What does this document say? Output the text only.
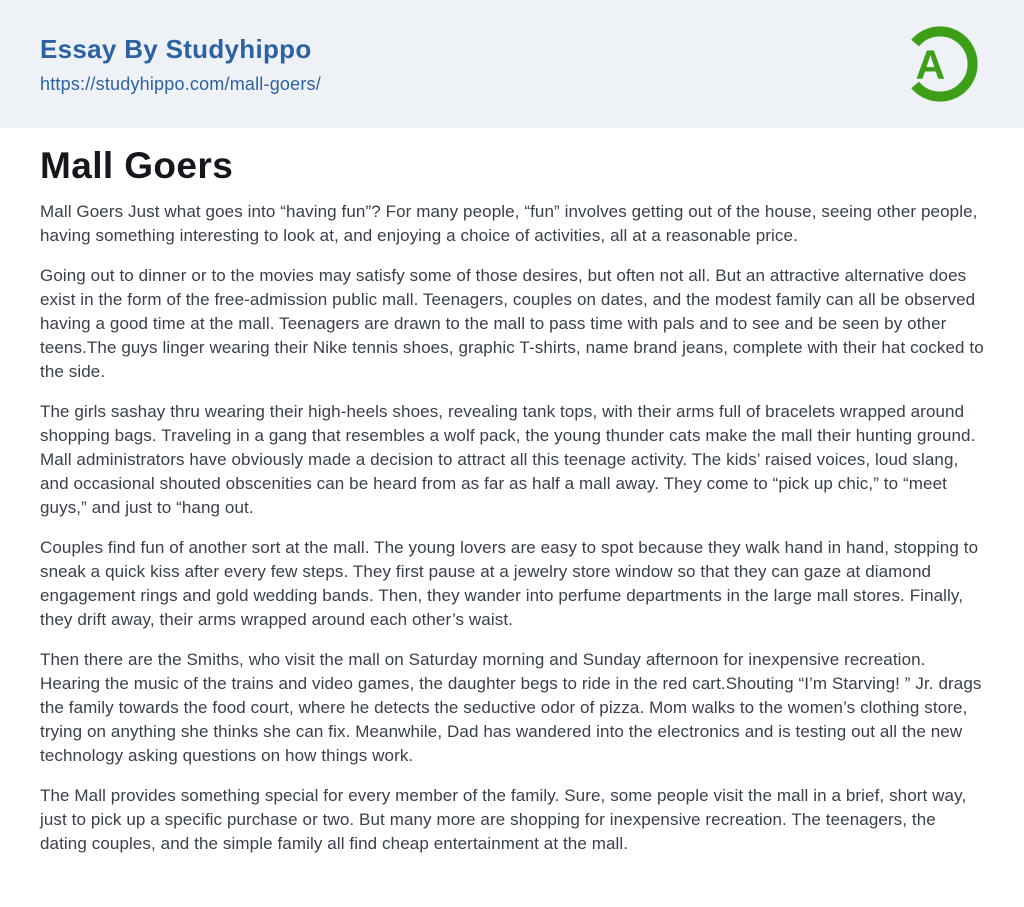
Essay By Studyhippo
https://studyhippo.com/mall-goers/	A
Mall Goers

Mall Goers Just what goes into “having fun”? For many people, “fun” involves getting out of the house, seeing other people, having something interesting to look at, and enjoying a choice of activities, all at a reasonable price.

Going out to dinner or to the movies may satisfy some of those desires, but often not all. But an attractive alternative does exist in the form of the free-admission public mall. Teenagers, couples on dates, and the modest family can all be observed having a good time at the mall. Teenagers are drawn to the mall to pass time with pals and to see and be seen by other teens.The guys linger wearing their Nike tennis shoes, graphic T-shirts, name brand jeans, complete with their hat cocked to the side.

The girls sashay thru wearing their high-heels shoes, revealing tank tops, with their arms full of bracelets wrapped around shopping bags. Traveling in a gang that resembles a wolf pack, the young thunder cats make the mall their hunting ground. Mall administrators have obviously made a decision to attract all this teenage activity. The kids’ raised voices, loud slang, and occasional shouted obscenities can be heard from as far as half a mall away. They come to “pick up chic,” to “meet guys,” and just to “hang out.

Couples find fun of another sort at the mall. The young lovers are easy to spot because they walk hand in hand, stopping to sneak a quick kiss after every few steps. They first pause at a jewelry store window so that they can gaze at diamond engagement rings and gold wedding bands. Then, they wander into perfume departments in the large mall stores. Finally, they drift away, their arms wrapped around each other’s waist.

Then there are the Smiths, who visit the mall on Saturday morning and Sunday afternoon for inexpensive recreation. Hearing the music of the trains and video games, the daughter begs to ride in the red cart.Shouting “I’m Starving! ” Jr. drags the family towards the food court, where he detects the seductive odor of pizza. Mom walks to the women’s clothing store, trying on anything she thinks she can fix. Meanwhile, Dad has wandered into the electronics and is testing out all the new technology asking questions on how things work.

The Mall provides something special for every member of the family. Sure, some people visit the mall in a brief, short way, just to pick up a specific purchase or two. But many more are shopping for inexpensive recreation. The teenagers, the dating couples, and the simple family all find cheap entertainment at the mall.
